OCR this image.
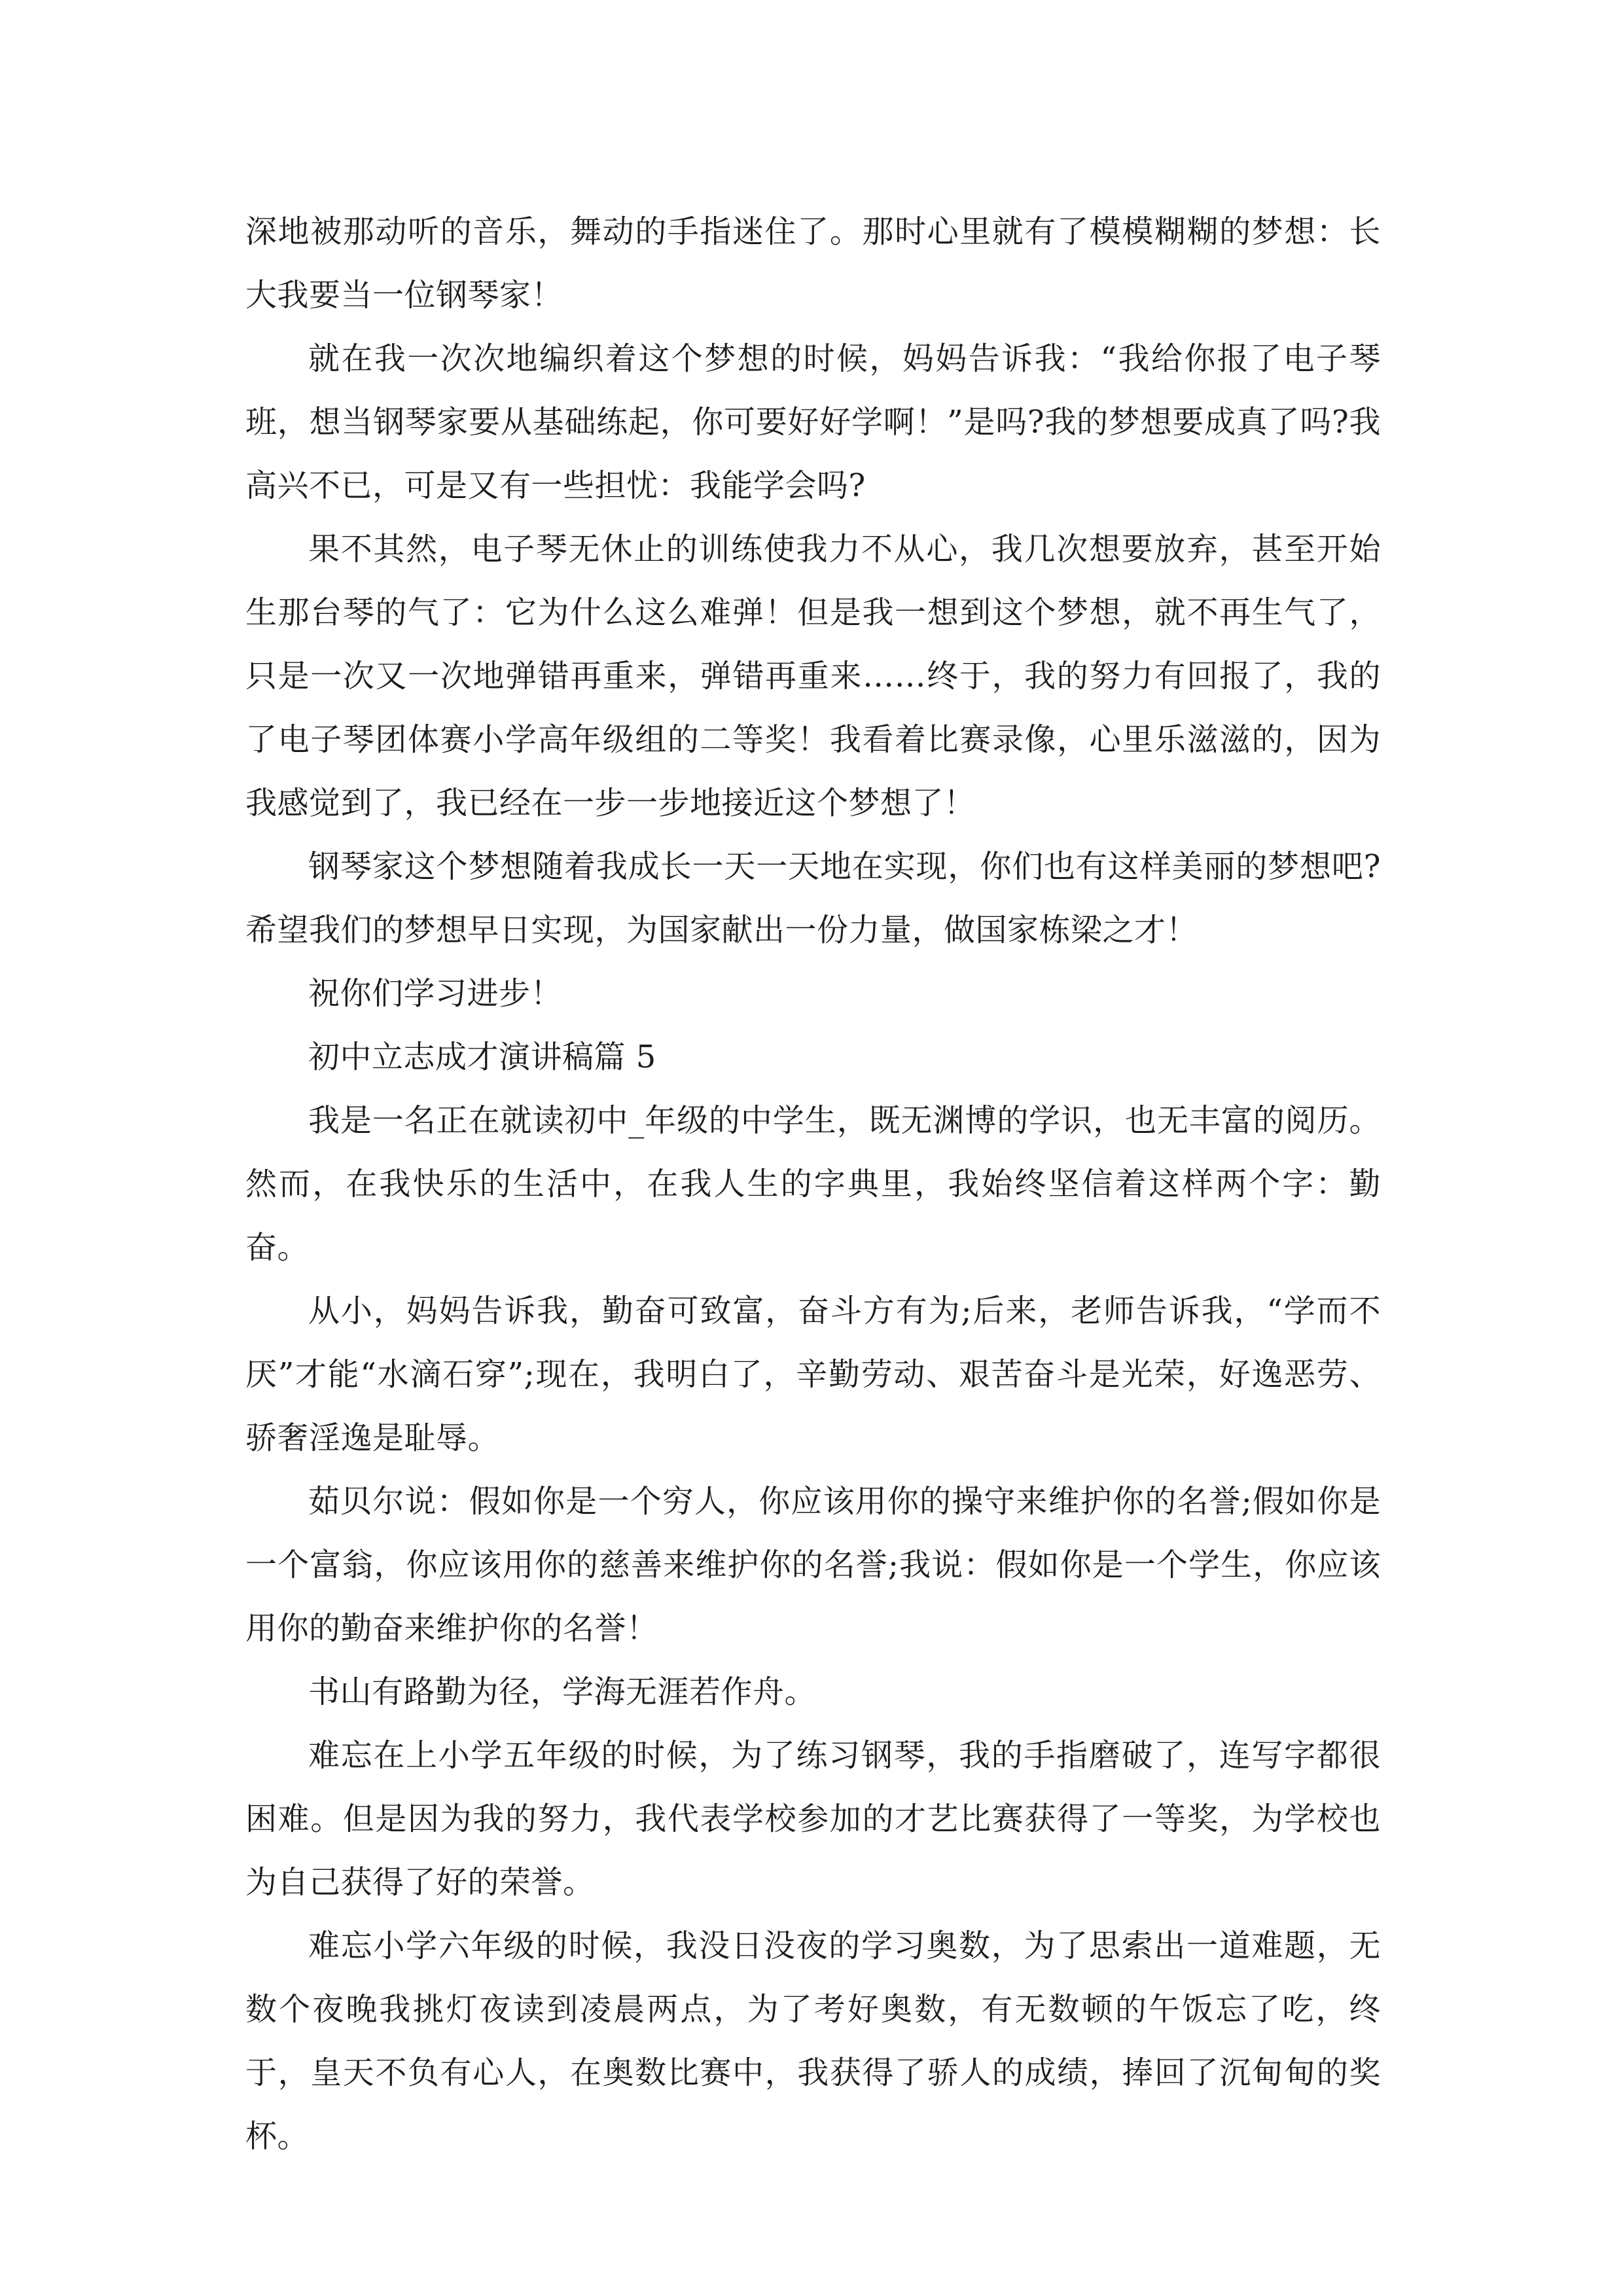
深地被那动听的音乐，舞动的手指迷住了。那时心里就有了模模糊糊的梦想：长大我要当一位钢琴家！

就在我一次次地编织着这个梦想的时候，妈妈告诉我：“我给你报了电子琴班，想当钢琴家要从基础练起，你可要好好学啊！”是吗?我的梦想要成真了吗?我高兴不已，可是又有一些担忧：我能学会吗?

果不其然，电子琴无休止的训练使我力不从心，我几次想要放弃，甚至开始生那台琴的气了：它为什么这么难弹！但是我一想到这个梦想，就不再生气了，只是一次又一次地弹错再重来，弹错再重来……终于，我的努力有回报了，我的了电子琴团体赛小学高年级组的二等奖！我看着比赛录像，心里乐滋滋的，因为我感觉到了，我已经在一步一步地接近这个梦想了！

钢琴家这个梦想随着我成长一天一天地在实现，你们也有这样美丽的梦想吧?希望我们的梦想早日实现，为国家献出一份力量，做国家栋梁之才！

祝你们学习进步！

初中立志成才演讲稿篇 5

我是一名正在就读初中_年级的中学生，既无渊博的学识，也无丰富的阅历。然而，在我快乐的生活中，在我人生的字典里，我始终坚信着这样两个字：勤奋。

从小，妈妈告诉我，勤奋可致富，奋斗方有为;后来，老师告诉我，“学而不厌”才能“水滴石穿”;现在，我明白了，辛勤劳动、艰苦奋斗是光荣，好逸恶劳、骄奢淫逸是耻辱。

茹贝尔说：假如你是一个穷人，你应该用你的操守来维护你的名誉;假如你是一个富翁，你应该用你的慈善来维护你的名誉;我说：假如你是一个学生，你应该用你的勤奋来维护你的名誉！

书山有路勤为径，学海无涯若作舟。

难忘在上小学五年级的时候，为了练习钢琴，我的手指磨破了，连写字都很困难。但是因为我的努力，我代表学校参加的才艺比赛获得了一等奖，为学校也为自己获得了好的荣誉。

难忘小学六年级的时候，我没日没夜的学习奥数，为了思索出一道难题，无数个夜晚我挑灯夜读到凌晨两点，为了考好奥数，有无数顿的午饭忘了吃，终于，皇天不负有心人，在奥数比赛中，我获得了骄人的成绩，捧回了沉甸甸的奖杯。
